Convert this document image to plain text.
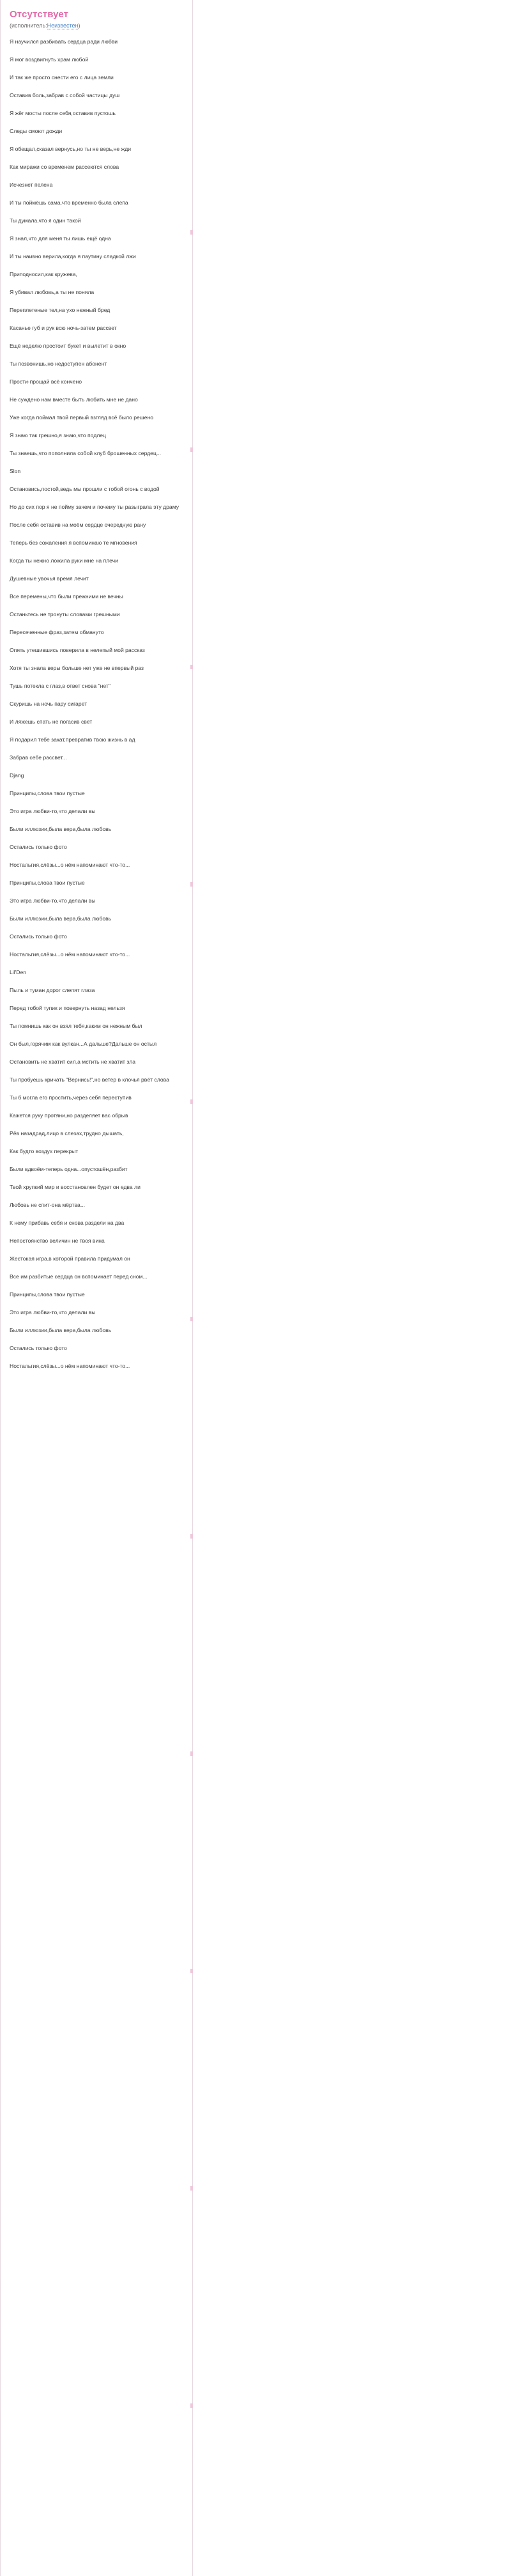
Отсутствует
(исполнитель:Неизвестен)
Я научился разбивать сердца ради любви
Я мог воздвигнуть храм любой
И так же просто снести его с лица земли
Оставив боль,забрав с собой частицы душ
Я жёг мосты после себя,оставив пустошь
Следы смоют дожди
Я обещал,сказал вернусь,но ты не верь,не жди
Как миражи со временем рассеются слова
Исчезнет пелена
И ты поймёшь сама,что временно была слепа
Ты думала,что я один такой
Я знал,что для меня ты лишь ещё одна
И ты наивно верила,когда я паутину сладкой лжи
Приподносил,как кружева,
Я убивал любовь,а ты не поняла
Переплетеные тел,на ухо нежный бред
Касанье губ и рук всю ночь-затем рассвет
Ещё неделю простоит букет и вылетит в окно
Ты позвонишь,но недоступен абонент
Прости-прощай всё кончено
Не суждено нам вместе быть любить мне не дано
Уже когда поймал твой первый взгляд всё было решено
Я знаю так грешно,я знаю,что подлец
Ты знаешь,что пополнила собой клуб брошенных сердец...
Slon
Остановись,постой,ведь мы прошли с тобой огонь с водой
Но до сих пор я не пойму зачем и почему ты разыграла эту драму
После себя оставив на моём сердце очередную рану
Теперь без сожаления я вспоминаю те мгновения
Когда ты нежно ложила руки мне на плечи
Душевные увочья время лечит
Все перемены,что были прежними не вечны
Останьтесь не тронуты словами грешными
Пересеченные фраз,затем обмануто
Опять утешившись поверила в нелепый мой рассказ
Хотя ты знала веры больше нет уже не впервый раз
Тушь потекла с глаз,в ответ снова "нет"
Скуришь на ночь пару сигарет
И ляжешь спать не погасив свет
Я подарил тебе закат,превратив твою жизнь в ад
Забрав себе рассвет...
Djang
Принципы,слова твои пустые
Это игра любви-то,что делали вы
Были иллюзии,была вера,была любовь
Остались только фото
Ностальгия,слёзы...о нём напоминают что-то...
Принципы,слова твои пустые
Это игра любви-то,что делали вы
Были иллюзии,была вера,была любовь
Остались только фото
Ностальгия,слёзы...о нём напоминают что-то...
Lil'Den
Пыль и туман дорог слепят глаза
Перед тобой тупик и повернуть назад нельзя
Ты помнишь как он взял тебя,каким он нежным был
Он был,горячим как вулкан...А дальше?Дальше он остыл
Остановить не хватит сил,а мстить не хватит зла
Ты пробуешь кричать "Вернись!",но ветер в клочья рвёт слова
Ты б могла его простить,через себя переступив
Кажется руку протяни,но разделяет вас обрыв
Рёв назадрад,лицо в слезах,трудно дышать,
Как будто воздух перекрыт
Были вдвоём-теперь одна...опустошён,разбит
Твой хрупкий мир и восстановлен будет он едва ли
Любовь не спит-она мёртва...
К нему прибавь себя и снова раздели на два
Непостоянство величин не твоя вина
Жестокая игра,в которой правила придумал он
Все им разбитые сердца он вспоминает перед сном...
Принципы,слова твои пустые
Это игра любви-то,что делали вы
Были иллюзии,была вера,была любовь
Остались только фото
Ностальгия,слёзы...о нём напоминают что-то...
